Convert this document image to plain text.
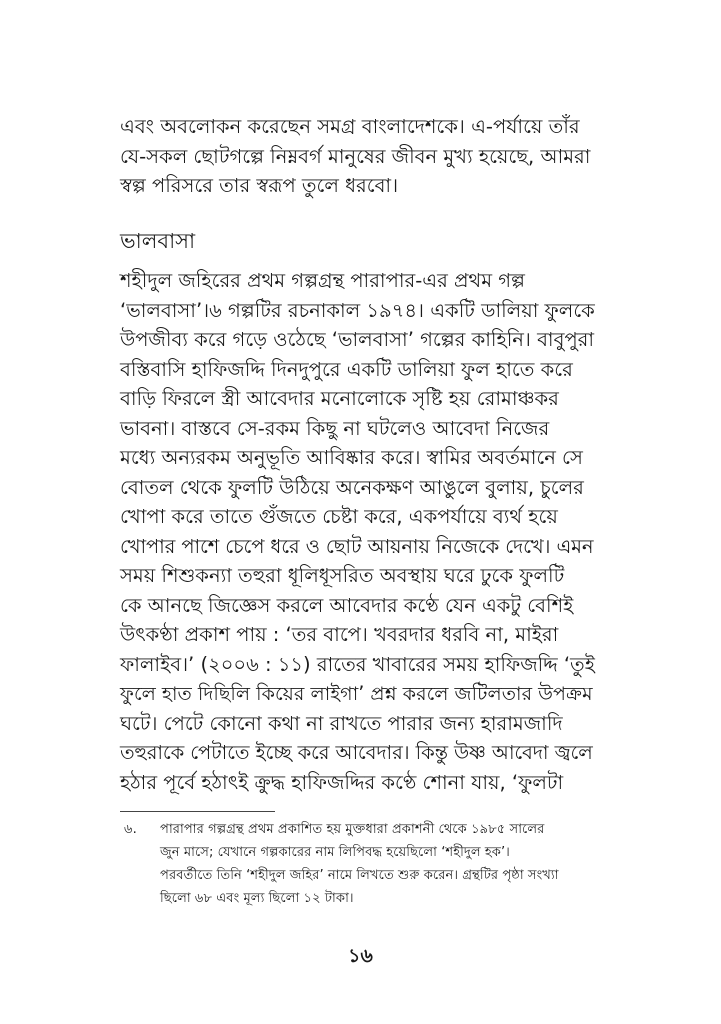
এবং অবলোকন করেছেন সমগ্র বাংলাদেশকে। এ-পর্যায়ে তাঁর
যে-সকল ছোটগল্পে নিম্নবর্গ মানুষের জীবন মুখ্য হয়েছে, আমরা
স্বল্প পরিসরে তার স্বরূপ তুলে ধরবো।
ভালবাসা
শহীদুল জহিরের প্রথম গল্পগ্রন্থ পারাপার-এর প্রথম গল্প
‘ভালবাসা’।৬ গল্পটির রচনাকাল ১৯৭৪। একটি ডালিয়া ফুলকে
উপজীব্য করে গড়ে ওঠেছে ‘ভালবাসা’ গল্পের কাহিনি। বাবুপুরা
বস্তিবাসি হাফিজদ্দি দিনদুপুরে একটি ডালিয়া ফুল হাতে করে
বাড়ি ফিরলে স্ত্রী আবেদার মনোলোকে সৃষ্টি হয় রোমাঞ্চকর
ভাবনা। বাস্তবে সে-রকম কিছু না ঘটলেও আবেদা নিজের
মধ্যে অন্যরকম অনুভূতি আবিষ্কার করে। স্বামির অবর্তমানে সে
বোতল থেকে ফুলটি উঠিয়ে অনেকক্ষণ আঙুলে বুলায়, চুলের
খোপা করে তাতে গুঁজতে চেষ্টা করে, একপর্যায়ে ব্যর্থ হয়ে
খোপার পাশে চেপে ধরে ও ছোট আয়নায় নিজেকে দেখে। এমন
সময় শিশুকন্যা তহুরা ধূলিধূসরিত অবস্থায় ঘরে ঢুকে ফুলটি
কে আনছে জিজ্ঞেস করলে আবেদার কণ্ঠে যেন একটু বেশিই
উৎকণ্ঠা প্রকাশ পায় : ‘তর বাপে। খবরদার ধরবি না, মাইরা
ফালাইব।’ (২০০৬ : ১১) রাতের খাবারের সময় হাফিজদ্দি ‘তুই
ফুলে হাত দিছিলি কিয়ের লাইগা’ প্রশ্ন করলে জটিলতার উপক্রম
ঘটে। পেটে কোনো কথা না রাখতে পারার জন্য হারামজাদি
তহুরাকে পেটাতে ইচ্ছে করে আবেদার। কিন্তু উষ্ণ আবেদা জ্বলে
হঠার পূর্বে হঠাৎই ক্রুদ্ধ হাফিজদ্দির কণ্ঠে শোনা যায়, ‘ফুলটা
৬. পারাপার গল্পগ্রন্থ প্রথম প্রকাশিত হয় মুক্তধারা প্রকাশনী থেকে ১৯৮৫ সালের
জুন মাসে; যেখানে গল্পকারের নাম লিপিবদ্ধ হয়েছিলো ‘শহীদুল হক’।
পরবর্তীতে তিনি ‘শহীদুল জহির’ নামে লিখতে শুরু করেন। গ্রন্থটির পৃষ্ঠা সংখ্যা
ছিলো ৬৮ এবং মূল্য ছিলো ১২ টাকা।
১৬
